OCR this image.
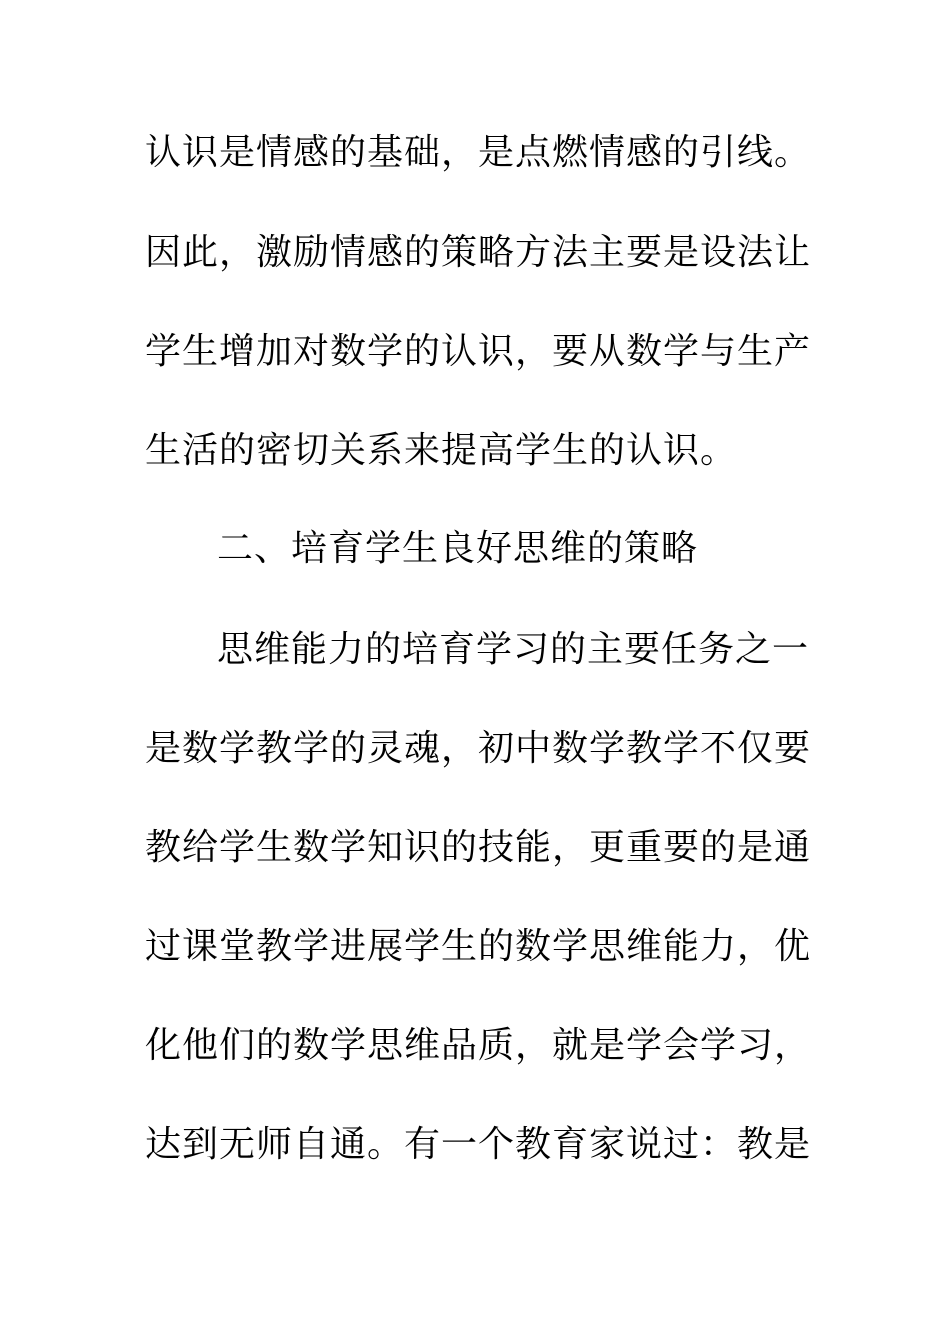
认识是情感的基础，是点燃情感的引线。
因此，激励情感的策略方法主要是设法让
学生增加对数学的认识，要从数学与生产
生活的密切关系来提高学生的认识。
二、培育学生良好思维的策略
思维能力的培育学习的主要任务之一
是数学教学的灵魂，初中数学教学不仅要
教给学生数学知识的技能，更重要的是通
过课堂教学进展学生的数学思维能力，优
化他们的数学思维品质，就是学会学习，
达到无师自通。有一个教育家说过：教是
